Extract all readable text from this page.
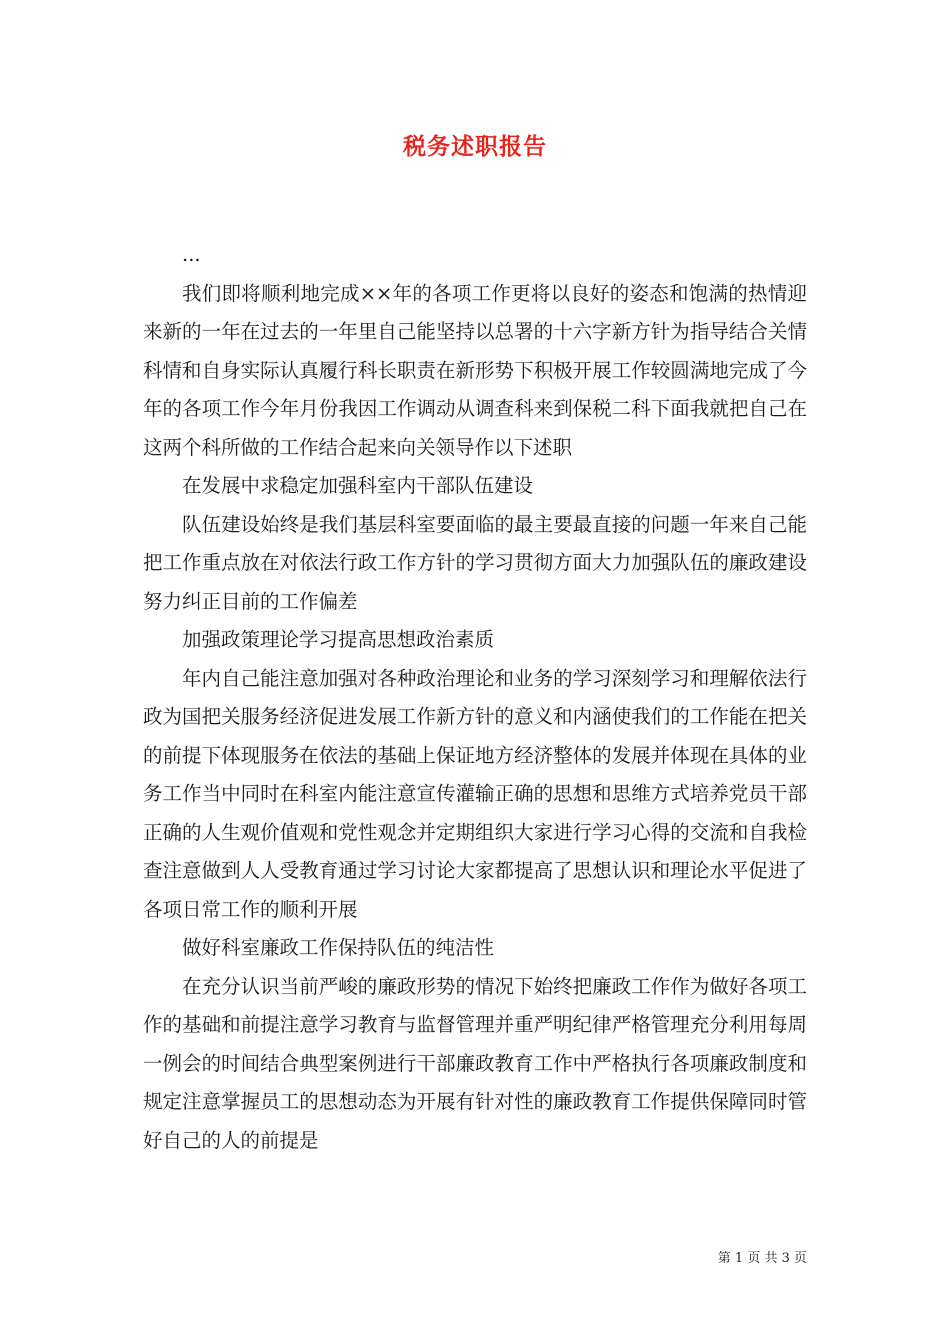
税务述职报告

...

我们即将顺利地完成××年的各项工作更将以良好的姿态和饱满的热情迎来新的一年在过去的一年里自己能坚持以总署的十六字新方针为指导结合关情科情和自身实际认真履行科长职责在新形势下积极开展工作较圆满地完成了今年的各项工作今年月份我因工作调动从调查科来到保税二科下面我就把自己在这两个科所做的工作结合起来向关领导作以下述职

在发展中求稳定加强科室内干部队伍建设

队伍建设始终是我们基层科室要面临的最主要最直接的问题一年来自己能把工作重点放在对依法行政工作方针的学习贯彻方面大力加强队伍的廉政建设努力纠正目前的工作偏差

加强政策理论学习提高思想政治素质

年内自己能注意加强对各种政治理论和业务的学习深刻学习和理解依法行政为国把关服务经济促进发展工作新方针的意义和内涵使我们的工作能在把关的前提下体现服务在依法的基础上保证地方经济整体的发展并体现在具体的业务工作当中同时在科室内能注意宣传灌输正确的思想和思维方式培养党员干部正确的人生观价值观和党性观念并定期组织大家进行学习心得的交流和自我检查注意做到人人受教育通过学习讨论大家都提高了思想认识和理论水平促进了各项日常工作的顺利开展

做好科室廉政工作保持队伍的纯洁性

在充分认识当前严峻的廉政形势的情况下始终把廉政工作作为做好各项工作的基础和前提注意学习教育与监督管理并重严明纪律严格管理充分利用每周一例会的时间结合典型案例进行干部廉政教育工作中严格执行各项廉政制度和规定注意掌握员工的思想动态为开展有针对性的廉政教育工作提供保障同时管好自己的人的前提是

第 1 页 共 3 页
